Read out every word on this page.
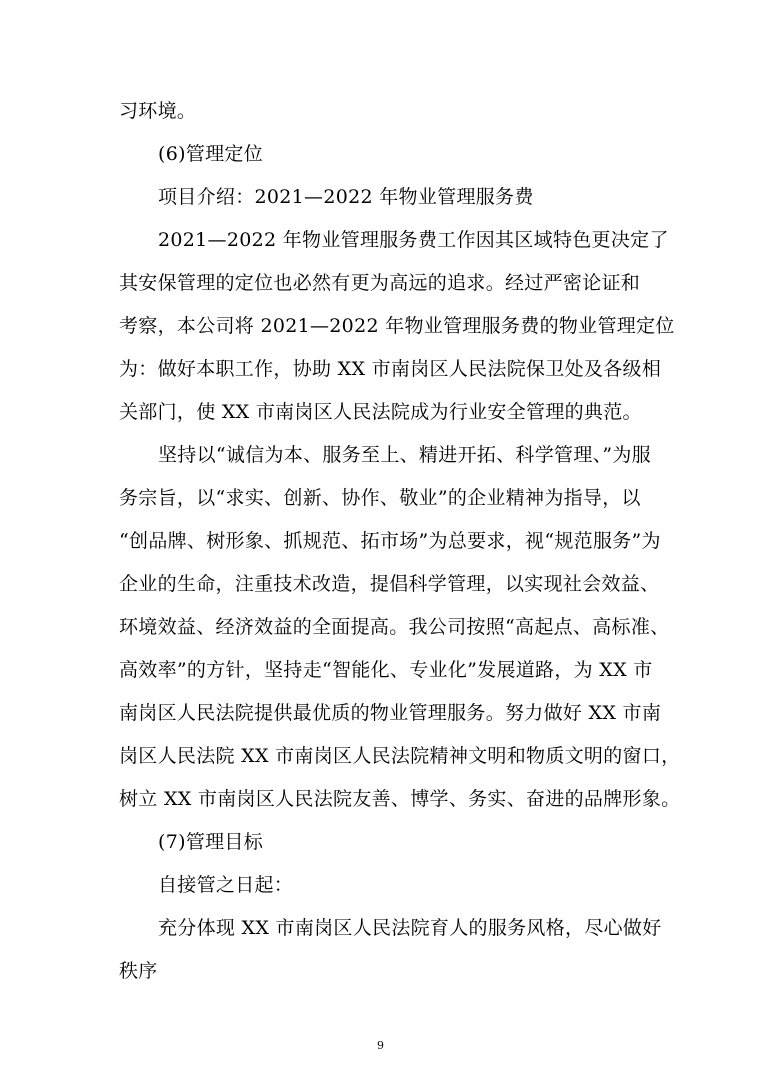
习环境。
(6)管理定位
项目介绍：2021—2022 年物业管理服务费
2021—2022 年物业管理服务费工作因其区域特色更决定了
其安保管理的定位也必然有更为高远的追求。经过严密论证和
考察，本公司将 2021—2022 年物业管理服务费的物业管理定位
为：做好本职工作，协助 XX 市南岗区人民法院保卫处及各级相
关部门，使 XX 市南岗区人民法院成为行业安全管理的典范。
坚持以“诚信为本、服务至上、精进开拓、科学管理、”为服
务宗旨，以“求实、创新、协作、敬业”的企业精神为指导，以
“创品牌、树形象、抓规范、拓市场”为总要求，视“规范服务”为
企业的生命，注重技术改造，提倡科学管理，以实现社会效益、
环境效益、经济效益的全面提高。我公司按照“高起点、高标准、
高效率”的方针，坚持走“智能化、专业化”发展道路，为 XX 市
南岗区人民法院提供最优质的物业管理服务。努力做好 XX 市南
岗区人民法院 XX 市南岗区人民法院精神文明和物质文明的窗口，
树立 XX 市南岗区人民法院友善、博学、务实、奋进的品牌形象。
(7)管理目标
自接管之日起：
充分体现 XX 市南岗区人民法院育人的服务风格，尽心做好
秩序
9
